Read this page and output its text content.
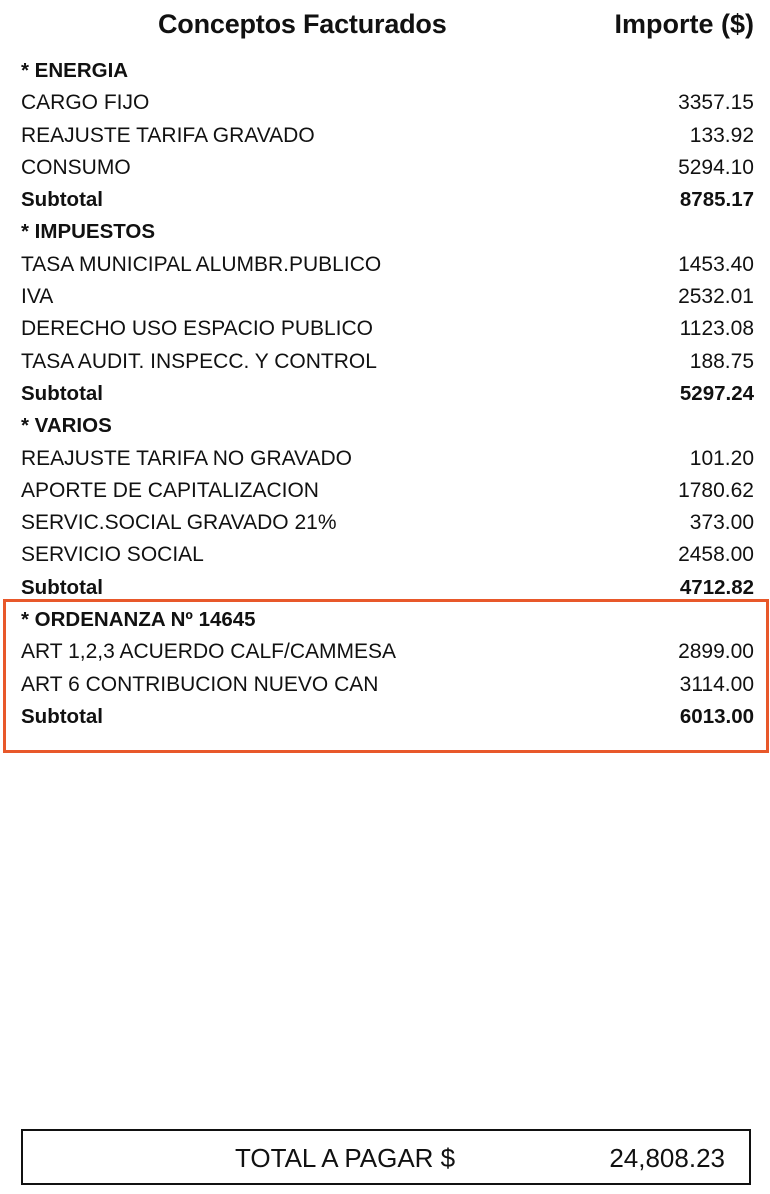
Conceptos Facturados	Importe ($)
* ENERGIA
CARGO FIJO	3357.15
REAJUSTE TARIFA GRAVADO	133.92
CONSUMO	5294.10
Subtotal	8785.17
* IMPUESTOS
TASA MUNICIPAL ALUMBR.PUBLICO	1453.40
IVA	2532.01
DERECHO USO ESPACIO PUBLICO	1123.08
TASA AUDIT. INSPECC. Y CONTROL	188.75
Subtotal	5297.24
* VARIOS
REAJUSTE TARIFA NO GRAVADO	101.20
APORTE DE CAPITALIZACION	1780.62
SERVIC.SOCIAL GRAVADO 21%	373.00
SERVICIO SOCIAL	2458.00
Subtotal	4712.82
* ORDENANZA Nº 14645
ART 1,2,3 ACUERDO CALF/CAMMESA	2899.00
ART 6 CONTRIBUCION NUEVO CAN	3114.00
Subtotal	6013.00
TOTAL A PAGAR $	24,808.23
